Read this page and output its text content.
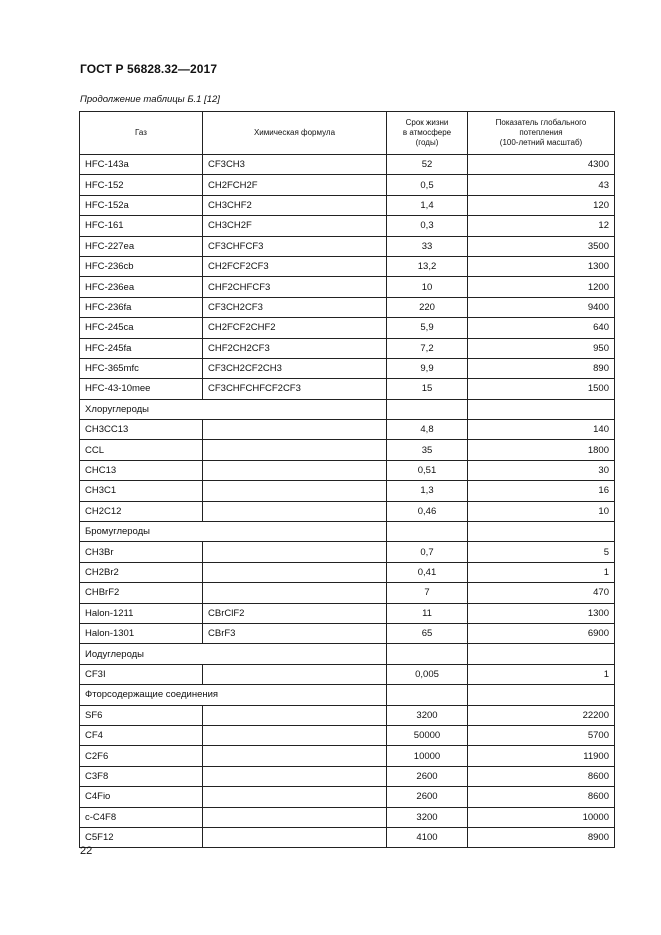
ГОСТ Р 56828.32—2017
Продолжение таблицы Б.1 [12]
Газ	Химическая формула	Срок жизни
в атмосфере
(годы)	Показатель глобального
потепления
(100-летний масштаб)
HFC-143a	CF3CH3	52	4300
HFC-152	CH2FCH2F	0,5	43
HFC-152a	CH3CHF2	1,4	120
HFC-161	CH3CH2F	0,3	12
HFC-227ea	CF3CHFCF3	33	3500
HFC-236cb	CH2FCF2CF3	13,2	1300
HFC-236ea	CHF2CHFCF3	10	1200
HFC-236fa	CF3CH2CF3	220	9400
HFC-245ca	CH2FCF2CHF2	5,9	640
HFC-245fa	CHF2CH2CF3	7,2	950
HFC-365mfc	CF3CH2CF2CH3	9,9	890
HFC-43-10mee	CF3CHFCHFCF2CF3	15	1500
Хлоруглероды			
CH3CC13		4,8	140
CCL		35	1800
CHC13		0,51	30
CH3C1		1,3	16
CH2C12		0,46	10
Бромуглероды			
CH3Br		0,7	5
CH2Br2		0,41	1
CHBrF2		7	470
Halon-1211	CBrClF2	11	1300
Halon-1301	CBrF3	65	6900
Иодуглероды			
CF3I		0,005	1
Фторсодержащие соединения			
SF6		3200	22200
CF4		50000	5700
C2F6		10000	11900
C3F8		2600	8600
C4Fio		2600	8600
c-C4F8		3200	10000
C5F12		4100	8900
22
